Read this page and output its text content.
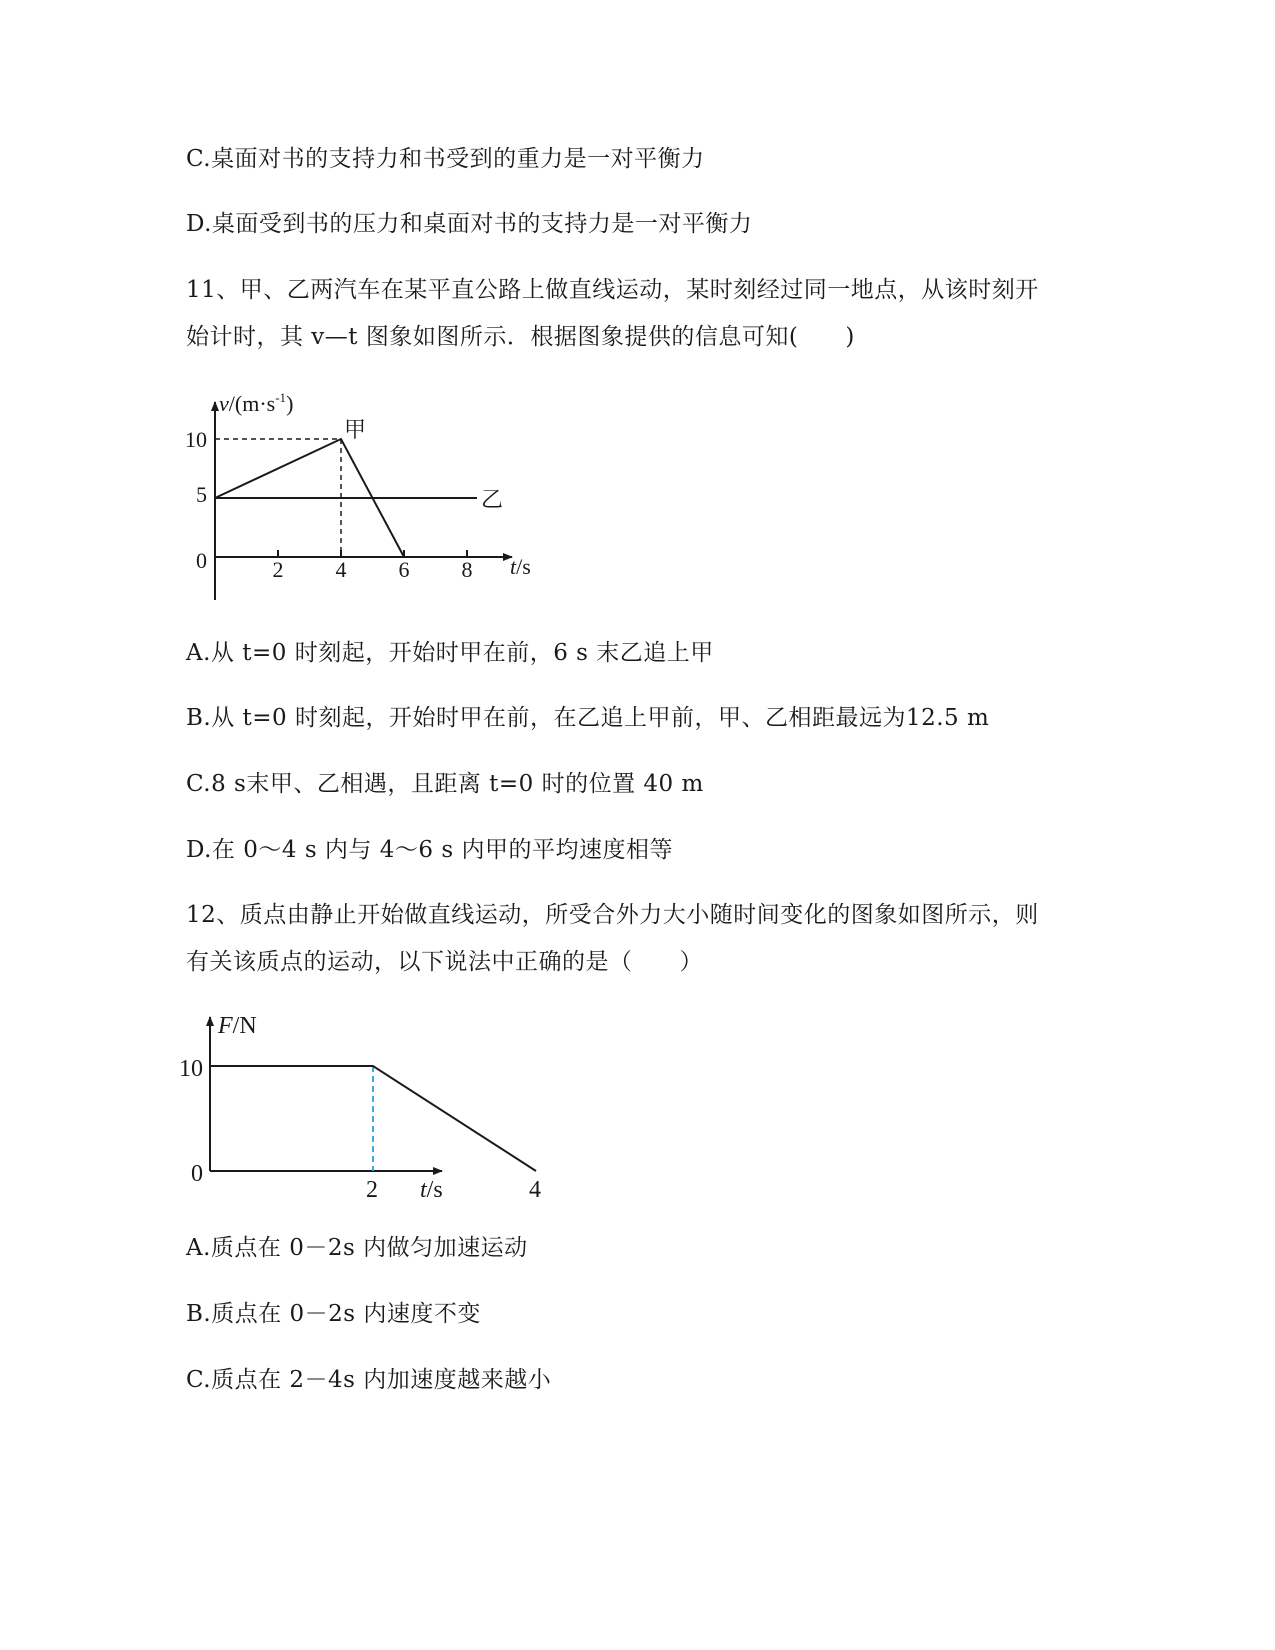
C.桌面对书的支持力和书受到的重力是一对平衡力
D.桌面受到书的压力和桌面对书的支持力是一对平衡力
11、甲、乙两汽车在某平直公路上做直线运动，某时刻经过同一地点，从该时刻开
始计时，其 v—t 图象如图所示．根据图象提供的信息可知(　　)
$v/(m\cdot s^{-1})$
t/s
2 4 6 8
0
5
10	甲
乙
F/N
t/s
2	4
0
10
A.从 t=0 时刻起，开始时甲在前，6 s 末乙追上甲
B.从 t=0 时刻起，开始时甲在前，在乙追上甲前，甲、乙相距最远为12.5 m
C.8 s末甲、乙相遇，且距离 t=0 时的位置 40 m
D.在 0～4 s 内与 4～6 s 内甲的平均速度相等
12、质点由静止开始做直线运动，所受合外力大小随时间变化的图象如图所示，则
有关该质点的运动，以下说法中正确的是（　　）
A.质点在 0－2s 内做匀加速运动
B.质点在 0－2s 内速度不变
C.质点在 2－4s 内加速度越来越小
